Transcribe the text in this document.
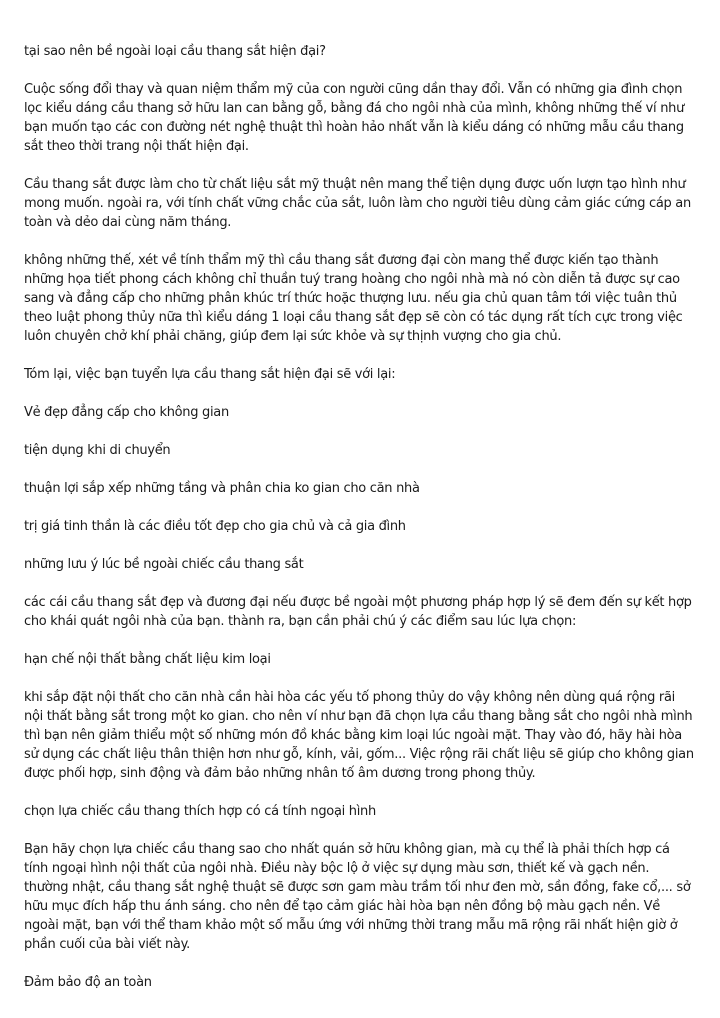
tại sao nên bề ngoài loại cầu thang sắt hiện đại?

Cuộc sống đổi thay và quan niệm thẩm mỹ của con người cũng dần thay đổi. Vẫn có những gia đình chọn lọc kiểu dáng cầu thang sở hữu lan can bằng gỗ, bằng đá cho ngôi nhà của mình, không những thế ví như bạn muốn tạo các con đường nét nghệ thuật thì hoàn hảo nhất vẫn là kiểu dáng có những mẫu cầu thang sắt theo thời trang nội thất hiện đại.

Cầu thang sắt được làm cho từ chất liệu sắt mỹ thuật nên mang thể tiện dụng được uốn lượn tạo hình như mong muốn. ngoài ra, với tính chất vững chắc của sắt, luôn làm cho người tiêu dùng cảm giác cứng cáp an toàn và dẻo dai cùng năm tháng.

không những thế, xét về tính thẩm mỹ thì cầu thang sắt đương đại còn mang thể được kiến tạo thành những họa tiết phong cách không chỉ thuần tuý trang hoàng cho ngôi nhà mà nó còn diễn tả được sự cao sang và đẳng cấp cho những phân khúc trí thức hoặc thượng lưu. nếu gia chủ quan tâm tới việc tuân thủ theo luật phong thủy nữa thì kiểu dáng 1 loại cầu thang sắt đẹp sẽ còn có tác dụng rất tích cực trong việc luôn chuyên chở khí phải chăng, giúp đem lại sức khỏe và sự thịnh vượng cho gia chủ.

Tóm lại, việc bạn tuyển lựa cầu thang sắt hiện đại sẽ với lại:

Vẻ đẹp đẳng cấp cho không gian

tiện dụng khi di chuyển

thuận lợi sắp xếp những tầng và phân chia ko gian cho căn nhà

trị giá tinh thần là các điều tốt đẹp cho gia chủ và cả gia đình

những lưu ý lúc bề ngoài chiếc cầu thang sắt

các cái cầu thang sắt đẹp và đương đại nếu được bề ngoài một phương pháp hợp lý sẽ đem đến sự kết hợp cho khái quát ngôi nhà của bạn. thành ra, bạn cần phải chú ý các điểm sau lúc lựa chọn:

hạn chế nội thất bằng chất liệu kim loại

khi sắp đặt nội thất cho căn nhà cần hài hòa các yếu tố phong thủy do vậy không nên dùng quá rộng rãi nội thất bằng sắt trong một ko gian. cho nên ví như bạn đã chọn lựa cầu thang bằng sắt cho ngôi nhà mình thì bạn nên giảm thiểu một số những món đồ khác bằng kim loại lúc ngoài mặt. Thay vào đó, hãy hài hòa sử dụng các chất liệu thân thiện hơn như gỗ, kính, vải, gốm... Việc rộng rãi chất liệu sẽ giúp cho không gian được phối hợp, sinh động và đảm bảo những nhân tố âm dương trong phong thủy.

chọn lựa chiếc cầu thang thích hợp có cá tính ngoại hình

Bạn hãy chọn lựa chiếc cầu thang sao cho nhất quán sở hữu không gian, mà cụ thể là phải thích hợp cá tính ngoại hình nội thất của ngôi nhà. Điều này bộc lộ ở việc sự dụng màu sơn, thiết kế và gạch nền. thường nhật, cầu thang sắt nghệ thuật sẽ được sơn gam màu trầm tối như đen mờ, sần đồng, fake cổ,... sở hữu mục đích hấp thu ánh sáng. cho nên để tạo cảm giác hài hòa bạn nên đồng bộ màu gạch nền. Về ngoài mặt, bạn với thể tham khảo một số mẫu ứng với những thời trang mẫu mã rộng rãi nhất hiện giờ ở phần cuối của bài viết này.

Đảm bảo độ an toàn
